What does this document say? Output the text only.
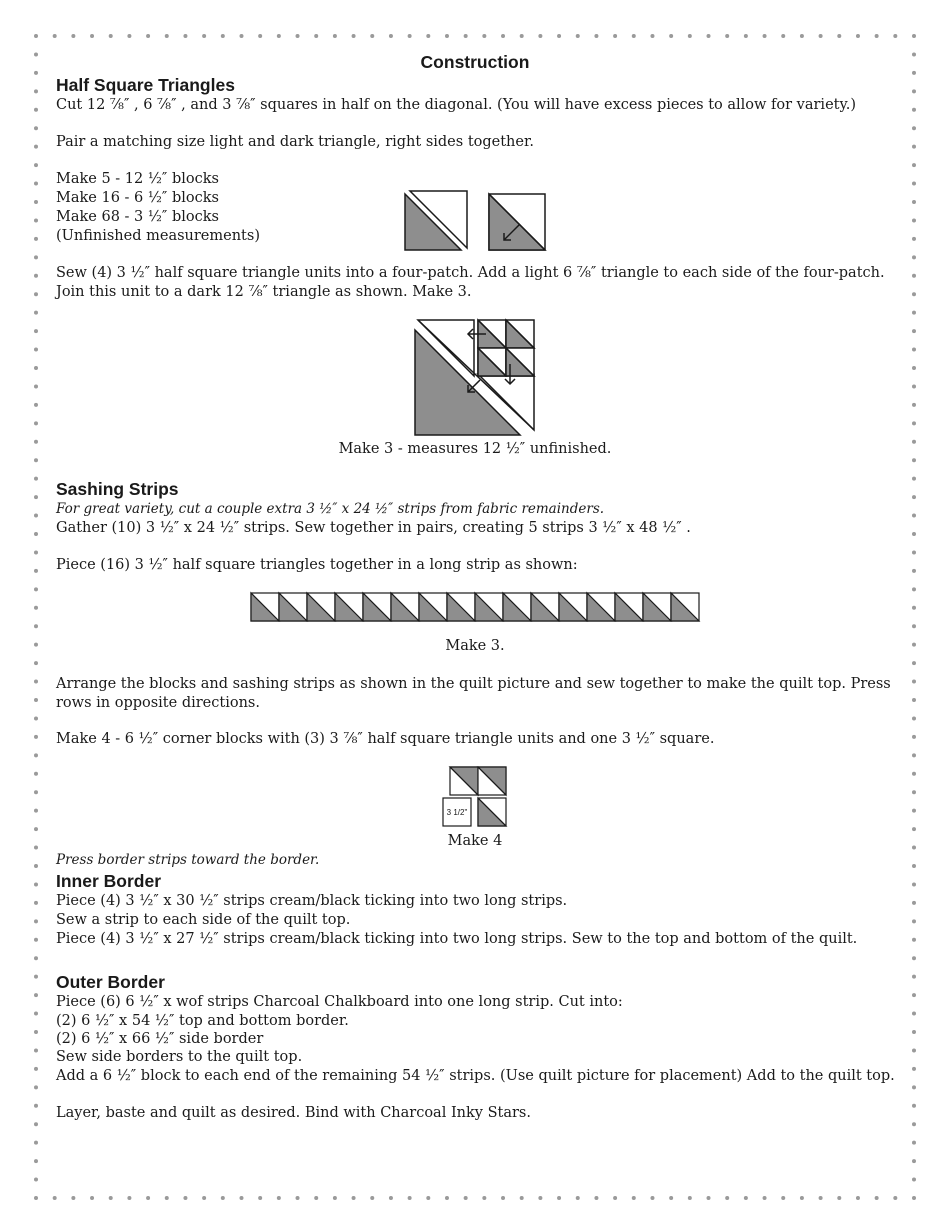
Construction
Half Square Triangles
Cut 12 ⅞″ , 6 ⅞″ , and 3 ⅞″ squares in half on the diagonal. (You will have excess pieces to allow for variety.)
Pair a matching size light and dark triangle, right sides together.
Make 5 - 12 ½″ blocks
Make 16 - 6 ½″ blocks
Make 68 - 3 ½″ blocks
(Unfinished measurements)
Sew (4) 3 ½″ half square triangle units into a four-patch. Add a light 6 ⅞″ triangle to each side of the four-patch. Join this unit to a dark 12 ⅞″ triangle as shown. Make 3.
Make 3 - measures 12 ½″ unfinished.
Sashing Strips
For great variety, cut a couple extra 3 ½″ x 24 ½″ strips from fabric remainders.
Gather (10) 3 ½″ x 24 ½″ strips. Sew together in pairs, creating 5 strips 3 ½″ x 48 ½″ .
Piece (16) 3 ½″ half square triangles together in a long strip as shown:
Make 3.
Arrange the blocks and sashing strips as shown in the quilt picture and sew together to make the quilt top. Press rows in opposite directions.
Make 4 - 6 ½″ corner blocks with (3) 3 ⅞″ half square triangle units and one 3 ½″ square.
3 1/2"
Make 4
Press border strips toward the border.
Inner Border
Piece (4) 3 ½″ x 30 ½″ strips cream/black ticking into two long strips.
Sew a strip to each side of the quilt top.
Piece (4) 3 ½″ x 27 ½″ strips cream/black ticking into two long strips. Sew to the top and bottom of the quilt.
Outer Border
Piece (6) 6 ½″ x wof strips Charcoal Chalkboard into one long strip. Cut into:
(2) 6 ½″ x 54 ½″ top and bottom border.
(2) 6 ½″ x 66 ½″ side border
Sew side borders to the quilt top.
Add a 6 ½″ block to each end of the remaining 54 ½″ strips. (Use quilt picture for placement) Add to the quilt top.
Layer, baste and quilt as desired. Bind with Charcoal Inky Stars.
